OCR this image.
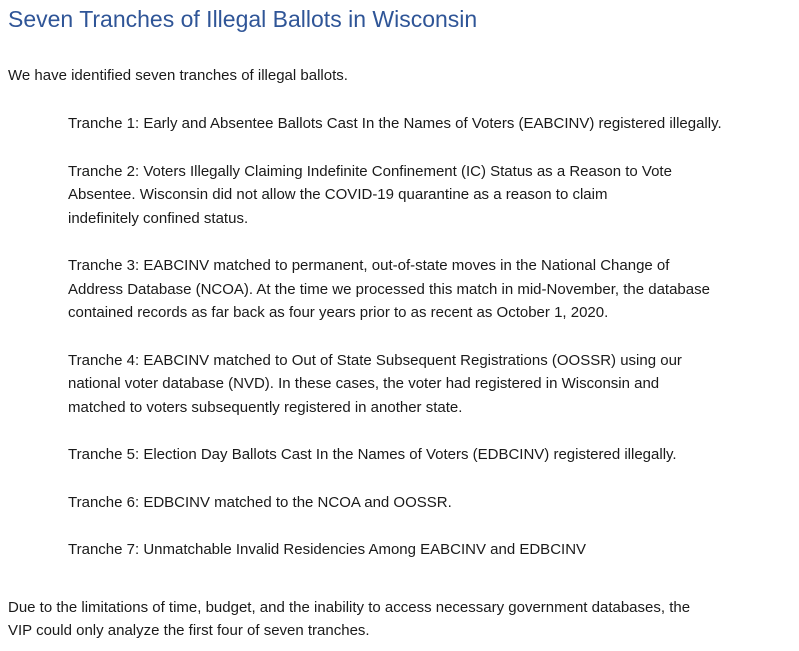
Seven Tranches of Illegal Ballots in Wisconsin

We have identified seven tranches of illegal ballots.

Tranche 1: Early and Absentee Ballots Cast In the Names of Voters (EABCINV) registered illegally.
Tranche 2: Voters Illegally Claiming Indefinite Confinement (IC) Status as a Reason to Vote
Absentee. Wisconsin did not allow the COVID-19 quarantine as a reason to claim
indefinitely confined status.
Tranche 3: EABCINV matched to permanent, out-of-state moves in the National Change of
Address Database (NCOA). At the time we processed this match in mid-November, the database
contained records as far back as four years prior to as recent as October 1, 2020.
Tranche 4: EABCINV matched to Out of State Subsequent Registrations (OOSSR) using our
national voter database (NVD). In these cases, the voter had registered in Wisconsin and
matched to voters subsequently registered in another state.
Tranche 5: Election Day Ballots Cast In the Names of Voters (EDBCINV) registered illegally.
Tranche 6: EDBCINV matched to the NCOA and OOSSR.
Tranche 7: Unmatchable Invalid Residencies Among EABCINV and EDBCINV

Due to the limitations of time, budget, and the inability to access necessary government databases, the
VIP could only analyze the first four of seven tranches.
